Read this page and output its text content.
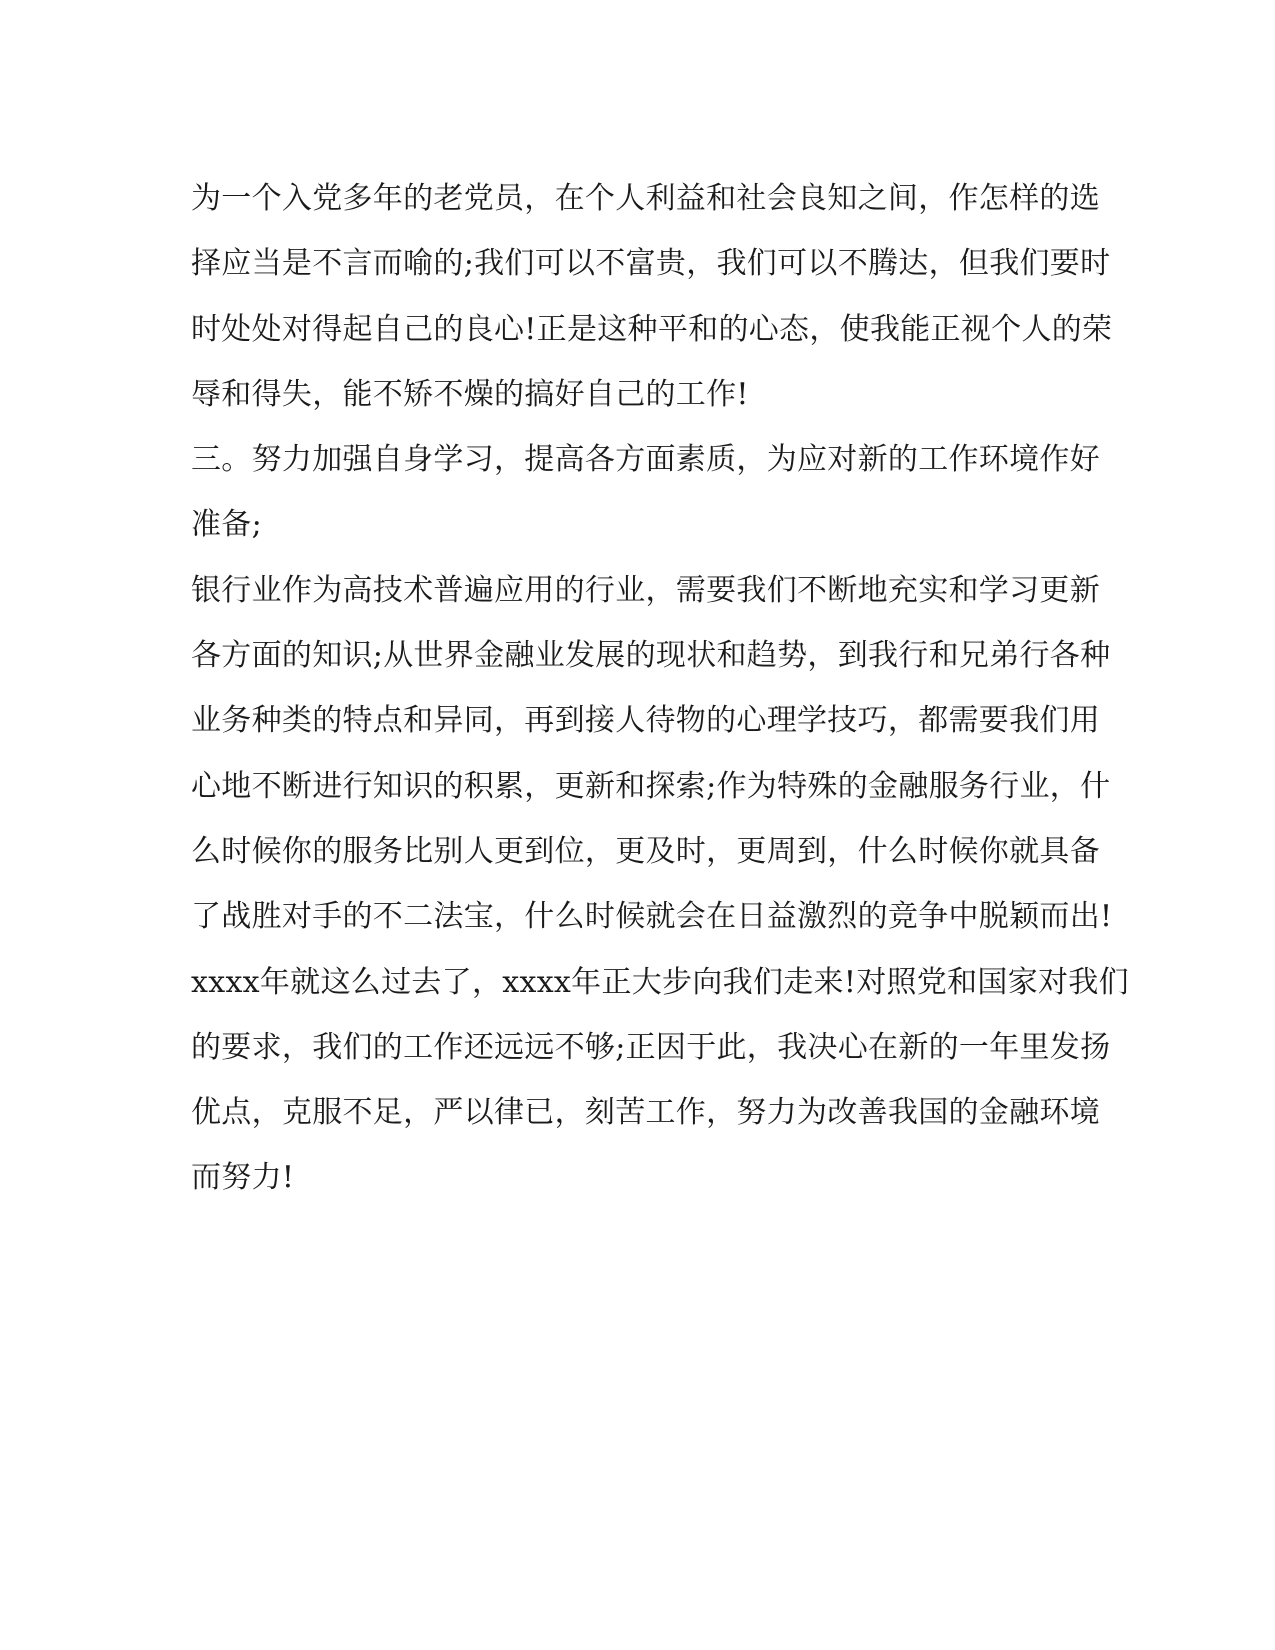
为一个入党多年的老党员，在个人利益和社会良知之间，作怎样的选
择应当是不言而喻的;我们可以不富贵，我们可以不腾达，但我们要时
时处处对得起自己的良心!正是这种平和的心态，使我能正视个人的荣
辱和得失，能不矫不燥的搞好自己的工作!
三。努力加强自身学习，提高各方面素质，为应对新的工作环境作好
准备;
银行业作为高技术普遍应用的行业，需要我们不断地充实和学习更新
各方面的知识;从世界金融业发展的现状和趋势，到我行和兄弟行各种
业务种类的特点和异同，再到接人待物的心理学技巧，都需要我们用
心地不断进行知识的积累，更新和探索;作为特殊的金融服务行业，什
么时候你的服务比别人更到位，更及时，更周到，什么时候你就具备
了战胜对手的不二法宝，什么时候就会在日益激烈的竞争中脱颖而出!
xxxx年就这么过去了，xxxx年正大步向我们走来!对照党和国家对我们
的要求，我们的工作还远远不够;正因于此，我决心在新的一年里发扬
优点，克服不足，严以律已，刻苦工作，努力为改善我国的金融环境
而努力!
